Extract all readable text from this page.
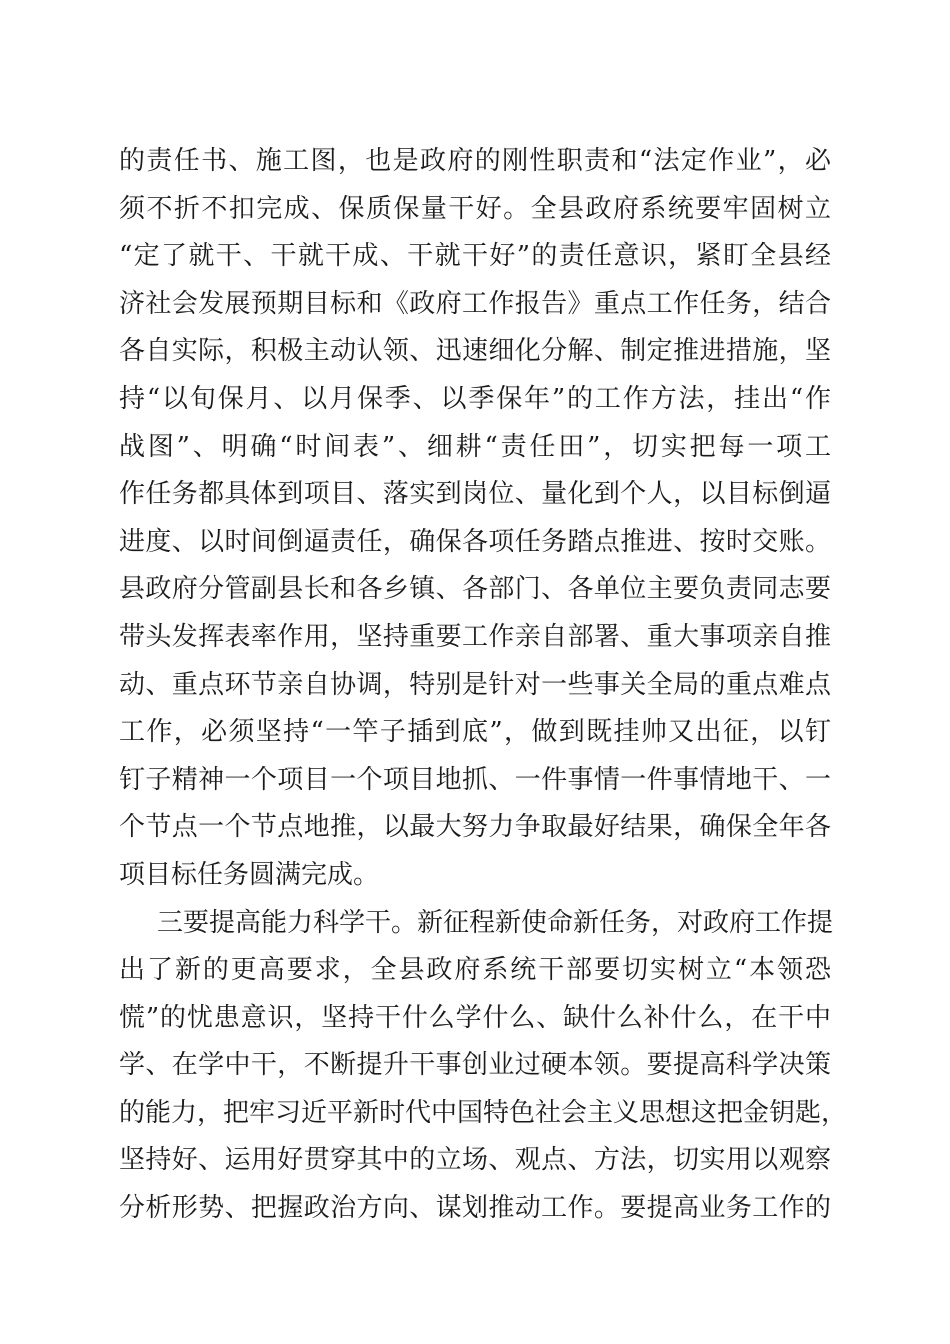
的责任书、施工图，也是政府的刚性职责和“法定作业”，必
须不折不扣完成、保质保量干好。全县政府系统要牢固树立
“定了就干、干就干成、干就干好”的责任意识，紧盯全县经
济社会发展预期目标和《政府工作报告》重点工作任务，结合
各自实际，积极主动认领、迅速细化分解、制定推进措施，坚
持“以旬保月、以月保季、以季保年”的工作方法，挂出“作
战图”、明确“时间表”、细耕“责任田”，切实把每一项工
作任务都具体到项目、落实到岗位、量化到个人，以目标倒逼
进度、以时间倒逼责任，确保各项任务踏点推进、按时交账。
县政府分管副县长和各乡镇、各部门、各单位主要负责同志要
带头发挥表率作用，坚持重要工作亲自部署、重大事项亲自推
动、重点环节亲自协调，特别是针对一些事关全局的重点难点
工作，必须坚持“一竿子插到底”，做到既挂帅又出征，以钉
钉子精神一个项目一个项目地抓、一件事情一件事情地干、一
个节点一个节点地推，以最大努力争取最好结果，确保全年各
项目标任务圆满完成。
三要提高能力科学干。新征程新使命新任务，对政府工作提
出了新的更高要求，全县政府系统干部要切实树立“本领恐
慌”的忧患意识，坚持干什么学什么、缺什么补什么，在干中
学、在学中干，不断提升干事创业过硬本领。要提高科学决策
的能力，把牢习近平新时代中国特色社会主义思想这把金钥匙，
坚持好、运用好贯穿其中的立场、观点、方法，切实用以观察
分析形势、把握政治方向、谋划推动工作。要提高业务工作的
